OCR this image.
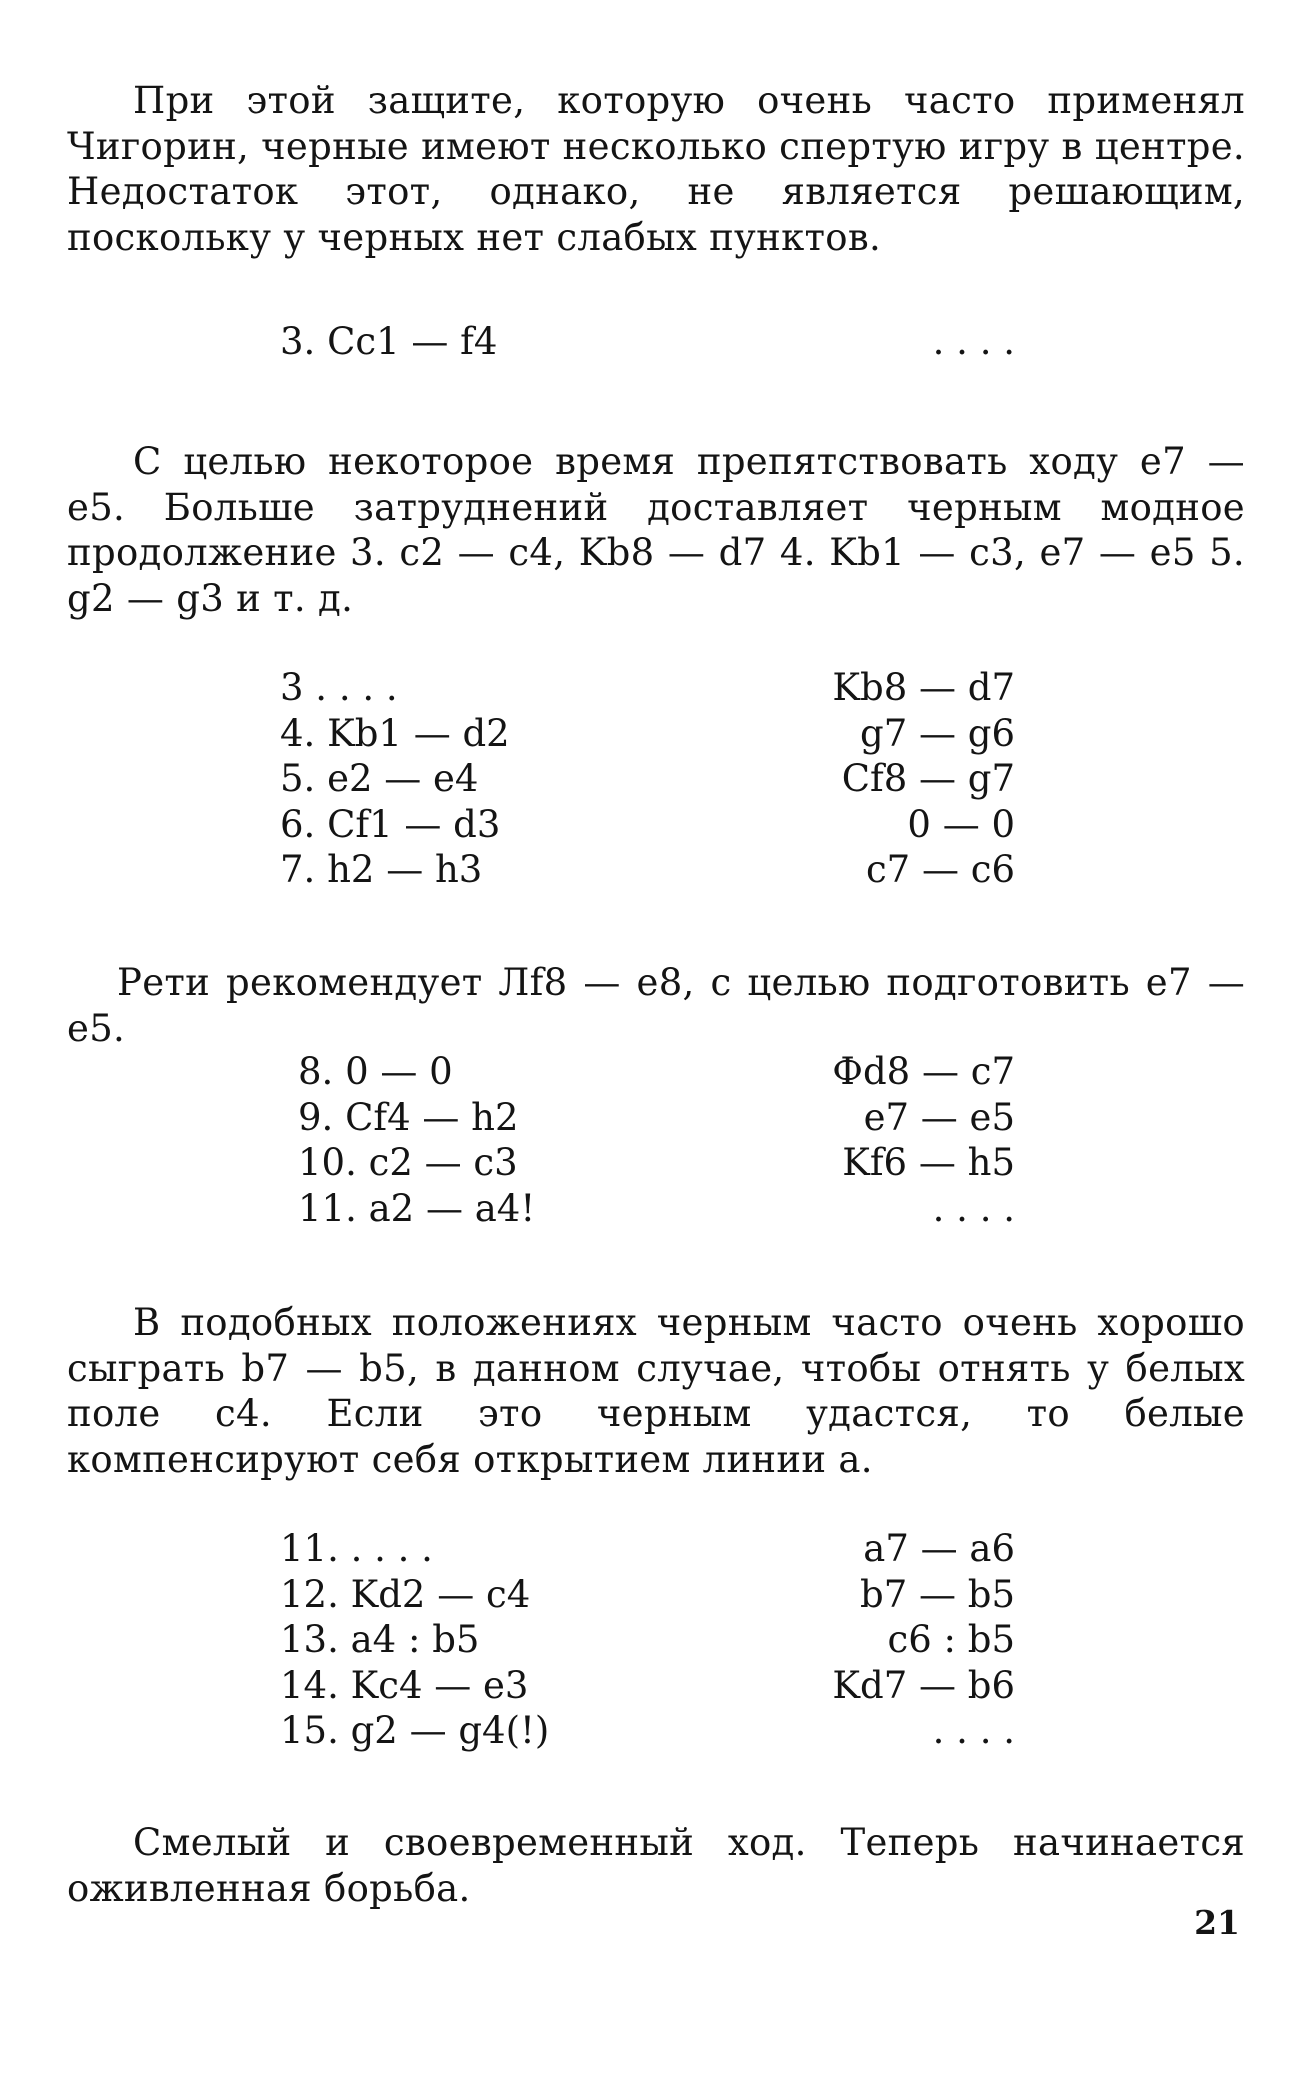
При этой защите, которую очень часто применял Чигорин, черные имеют несколько спертую игру в центре. Недостаток этот, однако, не является решающим, поскольку у черных нет слабых пунктов.

3. Cc1 — f4	. . . .

С целью некоторое время препятствовать ходу e7 — e5. Больше затруднений доставляет черным модное продолжение 3. c2 — c4, Kb8 — d7 4. Kb1 — c3, e7 — e5 5. g2 — g3 и т. д.

3 . . . .	Kb8 — d7
4. Kb1 — d2	g7 — g6
5. e2 — e4	Cf8 — g7
6. Cf1 — d3	0 — 0
7. h2 — h3	c7 — c6

Рети рекомендует Лf8 — e8, с целью подготовить e7 — e5.

8. 0 — 0	Фd8 — c7
9. Cf4 — h2	e7 — e5
10. c2 — c3	Kf6 — h5
11. a2 — a4!	. . . .

В подобных положениях черным часто очень хорошо сыграть b7 — b5, в данном случае, чтобы отнять у белых поле c4. Если это черным удастся, то белые компенсируют себя открытием линии а.

11. . . . .	a7 — a6
12. Kd2 — c4	b7 — b5
13. a4 : b5	c6 : b5
14. Kc4 — e3	Kd7 — b6
15. g2 — g4(!)	. . . .

Смелый и своевременный ход. Теперь начинается оживленная борьба.

21
